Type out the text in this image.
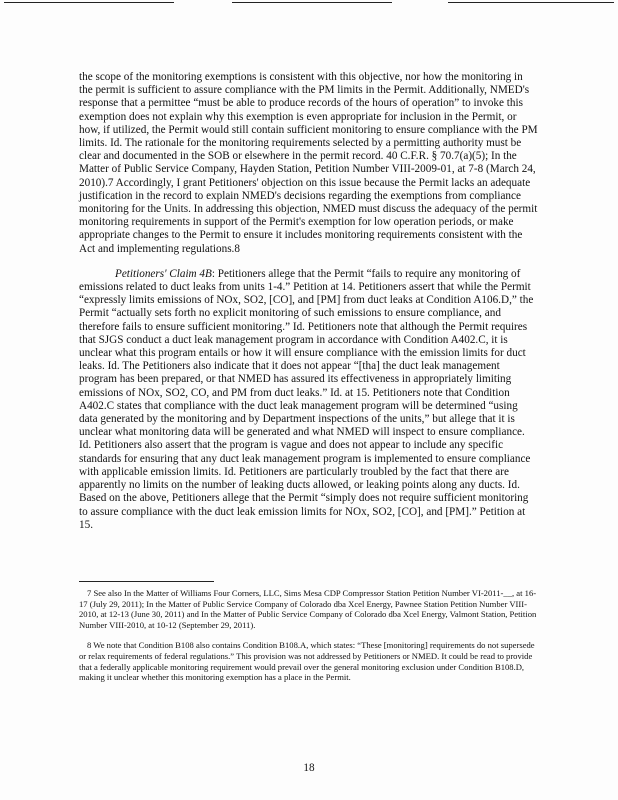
the scope of the monitoring exemptions is consistent with this objective, nor how the monitoring in the permit is sufficient to assure compliance with the PM limits in the Permit. Additionally, NMED's response that a permittee “must be able to produce records of the hours of operation” to invoke this exemption does not explain why this exemption is even appropriate for inclusion in the Permit, or how, if utilized, the Permit would still contain sufficient monitoring to ensure compliance with the PM limits. Id. The rationale for the monitoring requirements selected by a permitting authority must be clear and documented in the SOB or elsewhere in the permit record. 40 C.F.R. § 70.7(a)(5); In the Matter of Public Service Company, Hayden Station, Petition Number VIII-2009-01, at 7-8 (March 24, 2010).7 Accordingly, I grant Petitioners' objection on this issue because the Permit lacks an adequate justification in the record to explain NMED's decisions regarding the exemptions from compliance monitoring for the Units. In addressing this objection, NMED must discuss the adequacy of the permit monitoring requirements in support of the Permit's exemption for low operation periods, or make appropriate changes to the Permit to ensure it includes monitoring requirements consistent with the Act and implementing regulations.8

Petitioners' Claim 4B: Petitioners allege that the Permit “fails to require any monitoring of emissions related to duct leaks from units 1-4.” Petition at 14. Petitioners assert that while the Permit “expressly limits emissions of NOx, SO2, [CO], and [PM] from duct leaks at Condition A106.D,” the Permit “actually sets forth no explicit monitoring of such emissions to ensure compliance, and therefore fails to ensure sufficient monitoring.” Id. Petitioners note that although the Permit requires that SJGS conduct a duct leak management program in accordance with Condition A402.C, it is unclear what this program entails or how it will ensure compliance with the emission limits for duct leaks. Id. The Petitioners also indicate that it does not appear “[tha] the duct leak management program has been prepared, or that NMED has assured its effectiveness in appropriately limiting emissions of NOx, SO2, CO, and PM from duct leaks.” Id. at 15. Petitioners note that Condition A402.C states that compliance with the duct leak management program will be determined “using data generated by the monitoring and by Department inspections of the units,” but allege that it is unclear what monitoring data will be generated and what NMED will inspect to ensure compliance. Id. Petitioners also assert that the program is vague and does not appear to include any specific standards for ensuring that any duct leak management program is implemented to ensure compliance with applicable emission limits. Id. Petitioners are particularly troubled by the fact that there are apparently no limits on the number of leaking ducts allowed, or leaking points along any ducts. Id. Based on the above, Petitioners allege that the Permit “simply does not require sufficient monitoring to assure compliance with the duct leak emission limits for NOx, SO2, [CO], and [PM].” Petition at 15.

7 See also In the Matter of Williams Four Corners, LLC, Sims Mesa CDP Compressor Station Petition Number VI-2011-__, at 16-17 (July 29, 2011); In the Matter of Public Service Company of Colorado dba Xcel Energy, Pawnee Station Petition Number VIII-2010, at 12-13 (June 30, 2011) and In the Matter of Public Service Company of Colorado dba Xcel Energy, Valmont Station, Petition Number VIII-2010, at 10-12 (September 29, 2011).

8 We note that Condition B108 also contains Condition B108.A, which states: “These [monitoring] requirements do not supersede or relax requirements of federal regulations.” This provision was not addressed by Petitioners or NMED. It could be read to provide that a federally applicable monitoring requirement would prevail over the general monitoring exclusion under Condition B108.D, making it unclear whether this monitoring exemption has a place in the Permit.

18
